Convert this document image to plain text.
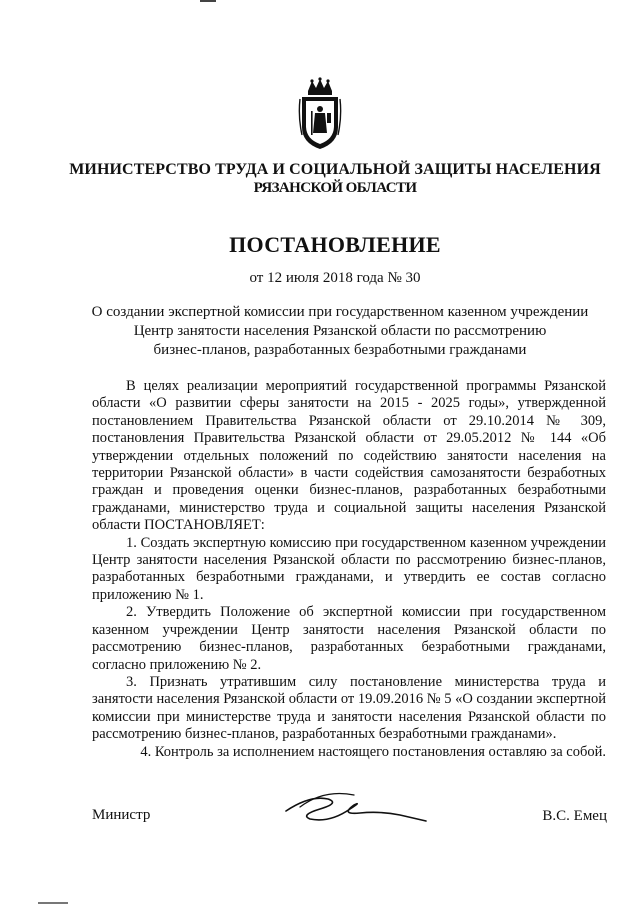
МИНИСТЕРСТВО ТРУДА И СОЦИАЛЬНОЙ ЗАЩИТЫ НАСЕЛЕНИЯ
РЯЗАНСКОЙ ОБЛАСТИ
ПОСТАНОВЛЕНИЕ
от 12 июля 2018 года № 30
О создании экспертной комиссии при государственном казенном учреждении
Центр занятости населения Рязанской области по рассмотрению
бизнес-планов, разработанных безработными гражданами

В целях реализации мероприятий государственной программы Рязанской области «О развитии сферы занятости на 2015 - 2025 годы», утвержденной постановлением Правительства Рязанской области от 29.10.2014 № 309, постановления Правительства Рязанской области от 29.05.2012 № 144 «Об утверждении отдельных положений по содействию занятости населения на территории Рязанской области» в части содействия самозанятости безработных граждан и проведения оценки бизнес-планов, разработанных безработными гражданами, министерство труда и социальной защиты населения Рязанской области ПОСТАНОВЛЯЕТ:

1. Создать экспертную комиссию при государственном казенном учреждении Центр занятости населения Рязанской области по рассмотрению бизнес-планов, разработанных безработными гражданами, и утвердить ее состав согласно приложению № 1.

2. Утвердить Положение об экспертной комиссии при государственном казенном учреждении Центр занятости населения Рязанской области по рассмотрению бизнес-планов, разработанных безработными гражданами, согласно приложению № 2.

3. Признать утратившим силу постановление министерства труда и занятости населения Рязанской области от 19.09.2016 № 5 «О создании экспертной комиссии при министерстве труда и занятости населения Рязанской области по рассмотрению бизнес-планов, разработанных безработными гражданами».

4. Контроль за исполнением настоящего постановления оставляю за собой.

Министр	В.С. Емец
